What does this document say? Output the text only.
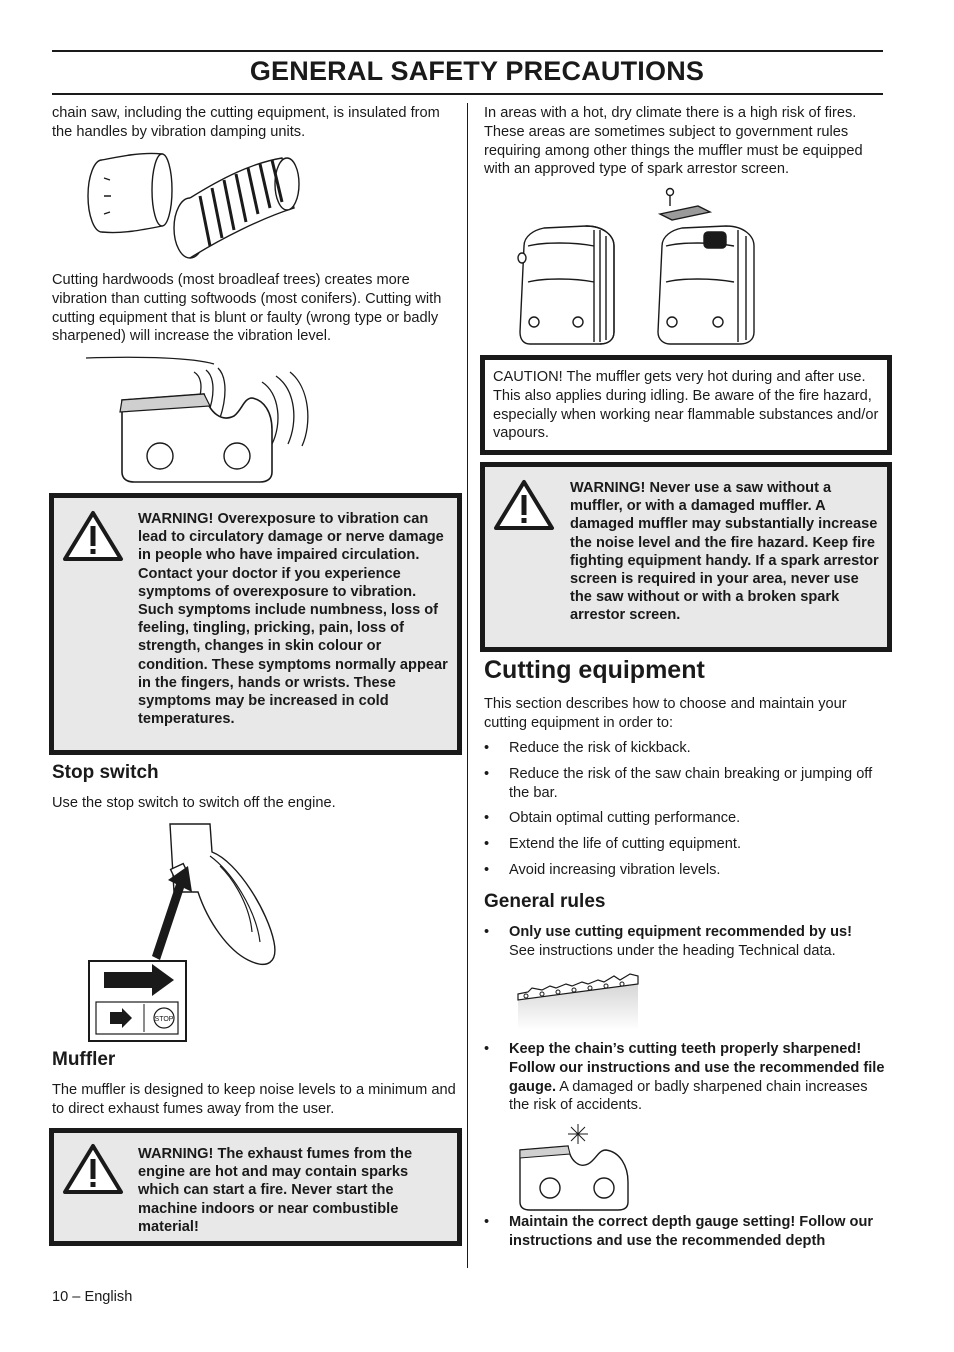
GENERAL SAFETY PRECAUTIONS

chain saw, including the cutting equipment, is insulated from the handles by vibration damping units.

Cutting hardwoods (most broadleaf trees) creates more vibration than cutting softwoods (most conifers). Cutting with cutting equipment that is blunt or faulty (wrong type or badly sharpened) will increase the vibration level.

WARNING! Overexposure to vibration can lead to circulatory damage or nerve damage in people who have impaired circulation. Contact your doctor if you experience symptoms of overexposure to vibration. Such symptoms include numbness, loss of feeling, tingling, pricking, pain, loss of strength, changes in skin colour or condition. These symptoms normally appear in the fingers, hands or wrists. These symptoms may be increased in cold temperatures.
Stop switch

Use the stop switch to switch off the engine.

STOP
Muffler

The muffler is designed to keep noise levels to a minimum and to direct exhaust fumes away from the user.

WARNING! The exhaust fumes from the engine are hot and may contain sparks which can start a fire. Never start the machine indoors or near combustible material!

In areas with a hot, dry climate there is a high risk of fires. These areas are sometimes subject to government rules requiring among other things the muffler must be equipped with an approved type of spark arrestor screen.

CAUTION! The muffler gets very hot during and after use. This also applies during idling. Be aware of the fire hazard, especially when working near flammable substances and/or vapours.

WARNING! Never use a saw without a muffler, or with a damaged muffler. A damaged muffler may substantially increase the noise level and the fire hazard. Keep fire fighting equipment handy. If a spark arrestor screen is required in your area, never use the saw without or with a broken spark arrestor screen.
Cutting equipment

This section describes how to choose and maintain your cutting equipment in order to:

• Reduce the risk of kickback.
• Reduce the risk of the saw chain breaking or jumping off the bar.
• Obtain optimal cutting performance.
• Extend the life of cutting equipment.
• Avoid increasing vibration levels.
General rules
• Only use cutting equipment recommended by us!
See instructions under the heading Technical data.
• Keep the chain’s cutting teeth properly sharpened! Follow our instructions and use the recommended file gauge. A damaged or badly sharpened chain increases the risk of accidents.
• Maintain the correct depth gauge setting! Follow our instructions and use the recommended depth
10 – English
